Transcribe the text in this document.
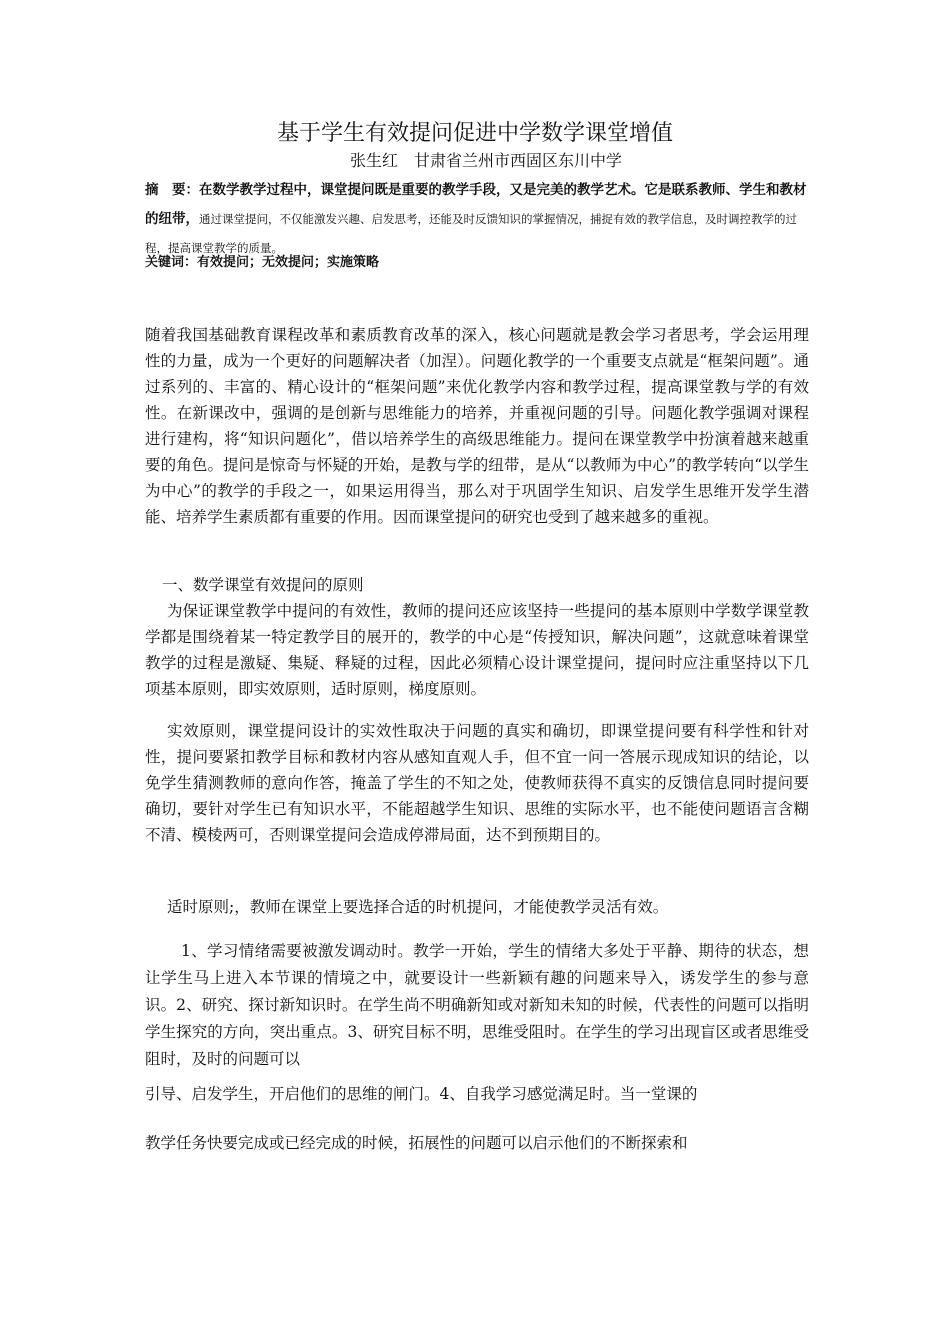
基于学生有效提问促进中学数学课堂增值
张生红　甘肃省兰州市西固区东川中学
摘　要：在数学教学过程中，课堂提问既是重要的教学手段，又是完美的教学艺术。它是联系教师、学生和教材的纽带，通过课堂提问，不仅能激发兴趣、启发思考，还能及时反馈知识的掌握情况，捕捉有效的教学信息，及时调控教学的过程，提高课堂教学的质量。
关键词：有效提问；无效提问；实施策略
随着我国基础教育课程改革和素质教育改革的深入，核心问题就是教会学习者思考，学会运用理性的力量，成为一个更好的问题解决者（加涅）。问题化教学的一个重要支点就是“框架问题”。通过系列的、丰富的、精心设计的“框架问题”来优化教学内容和教学过程，提高课堂教与学的有效性。在新课改中，强调的是创新与思维能力的培养，并重视问题的引导。问题化教学强调对课程进行建构，将“知识问题化”，借以培养学生的高级思维能力。提问在课堂教学中扮演着越来越重要的角色。提问是惊奇与怀疑的开始，是教与学的纽带，是从“以教师为中心”的教学转向“以学生为中心”的教学的手段之一，如果运用得当，那么对于巩固学生知识、启发学生思维开发学生潜能、培养学生素质都有重要的作用。因而课堂提问的研究也受到了越来越多的重视。
一、数学课堂有效提问的原则
为保证课堂教学中提问的有效性，教师的提问还应该坚持一些提问的基本原则中学数学课堂教学都是围绕着某一特定教学目的展开的，教学的中心是“传授知识，解决问题”，这就意味着课堂教学的过程是激疑、集疑、释疑的过程，因此必须精心设计课堂提问，提问时应注重坚持以下几项基本原则，即实效原则，适时原则，梯度原则。
实效原则，课堂提问设计的实效性取决于问题的真实和确切，即课堂提问要有科学性和针对性，提问要紧扣教学目标和教材内容从感知直观人手，但不宜一问一答展示现成知识的结论，以免学生猜测教师的意向作答，掩盖了学生的不知之处，使教师获得不真实的反馈信息同时提问要确切，要针对学生已有知识水平，不能超越学生知识、思维的实际水平，也不能使问题语言含糊不清、模棱两可，否则课堂提问会造成停滞局面，达不到预期目的。
适时原则;，教师在课堂上要选择合适的时机提问，才能使教学灵活有效。
1、学习情绪需要被激发调动时。教学一开始，学生的情绪大多处于平静、期待的状态，想让学生马上进入本节课的情境之中，就要设计一些新颖有趣的问题来导入，诱发学生的参与意识。2、研究、探讨新知识时。在学生尚不明确新知或对新知未知的时候，代表性的问题可以指明学生探究的方向，突出重点。3、研究目标不明，思维受阻时。在学生的学习出现盲区或者思维受阻时，及时的问题可以
引导、启发学生，开启他们的思维的闸门。4、自我学习感觉满足时。当一堂课的
教学任务快要完成或已经完成的时候，拓展性的问题可以启示他们的不断探索和
